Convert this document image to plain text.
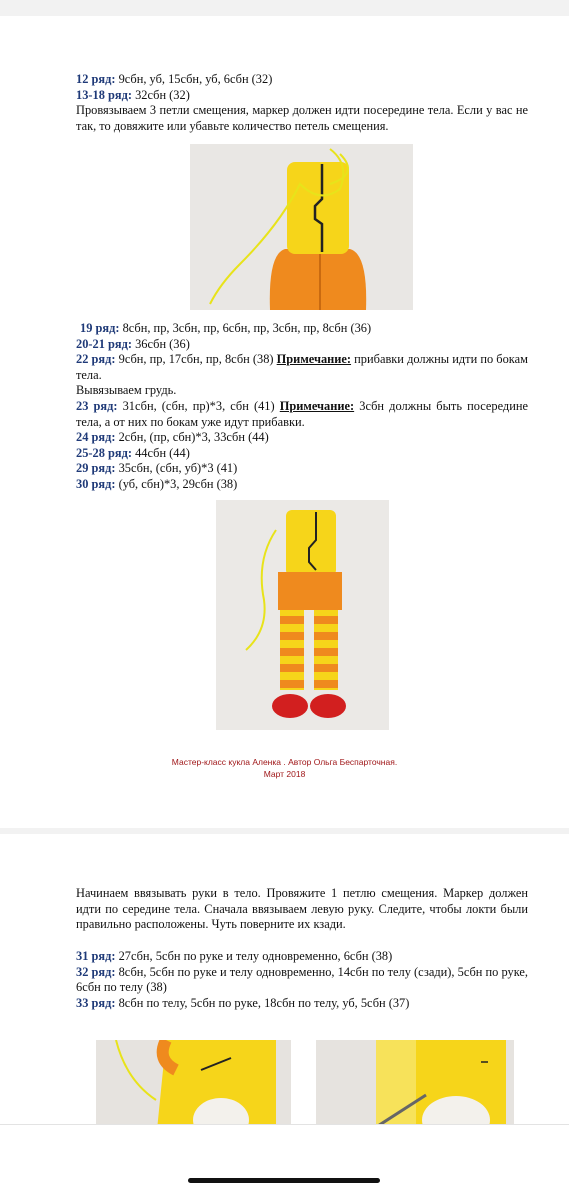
12 ряд: 9сбн, уб, 15сбн, уб, 6сбн (32)
13-18 ряд: 32сбн (32)
Провязываем 3 петли смещения, маркер должен идти посередине тела. Если у вас не так, то довяжите или убавьте количество петель смещения.
19 ряд: 8сбн, пр, 3сбн, пр, 6сбн, пр, 3сбн, пр, 8сбн (36)
20-21 ряд: 36сбн (36)
22 ряд: 9сбн, пр, 17сбн, пр, 8сбн (38) Примечание: прибавки должны идти по бокам тела.
Вывязываем грудь.
23 ряд: 31сбн, (сбн, пр)*3, сбн (41) Примечание: 3сбн должны быть посередине тела, а от них по бокам уже идут прибавки.
24 ряд: 2сбн, (пр, сбн)*3, 33сбн (44)
25-28 ряд: 44сбн (44)
29 ряд: 35сбн, (сбн, уб)*3 (41)
30 ряд: (уб, сбн)*3, 29сбн (38)
Мастер-класс кукла Аленка . Автор Ольга Беспарточная.
Март 2018
Начинаем ввязывать руки в тело. Провяжите 1 петлю смещения. Маркер должен идти по середине тела. Сначала ввязываем левую руку. Следите, чтобы локти были правильно расположены. Чуть поверните их кзади.
31 ряд: 27сбн, 5сбн по руке и телу одновременно, 6сбн (38)
32 ряд: 8сбн, 5сбн по руке и телу одновременно, 14сбн по телу (сзади), 5сбн по руке, 6сбн по телу (38)
33 ряд: 8сбн по телу, 5сбн по руке, 18сбн по телу, уб, 5сбн (37)
